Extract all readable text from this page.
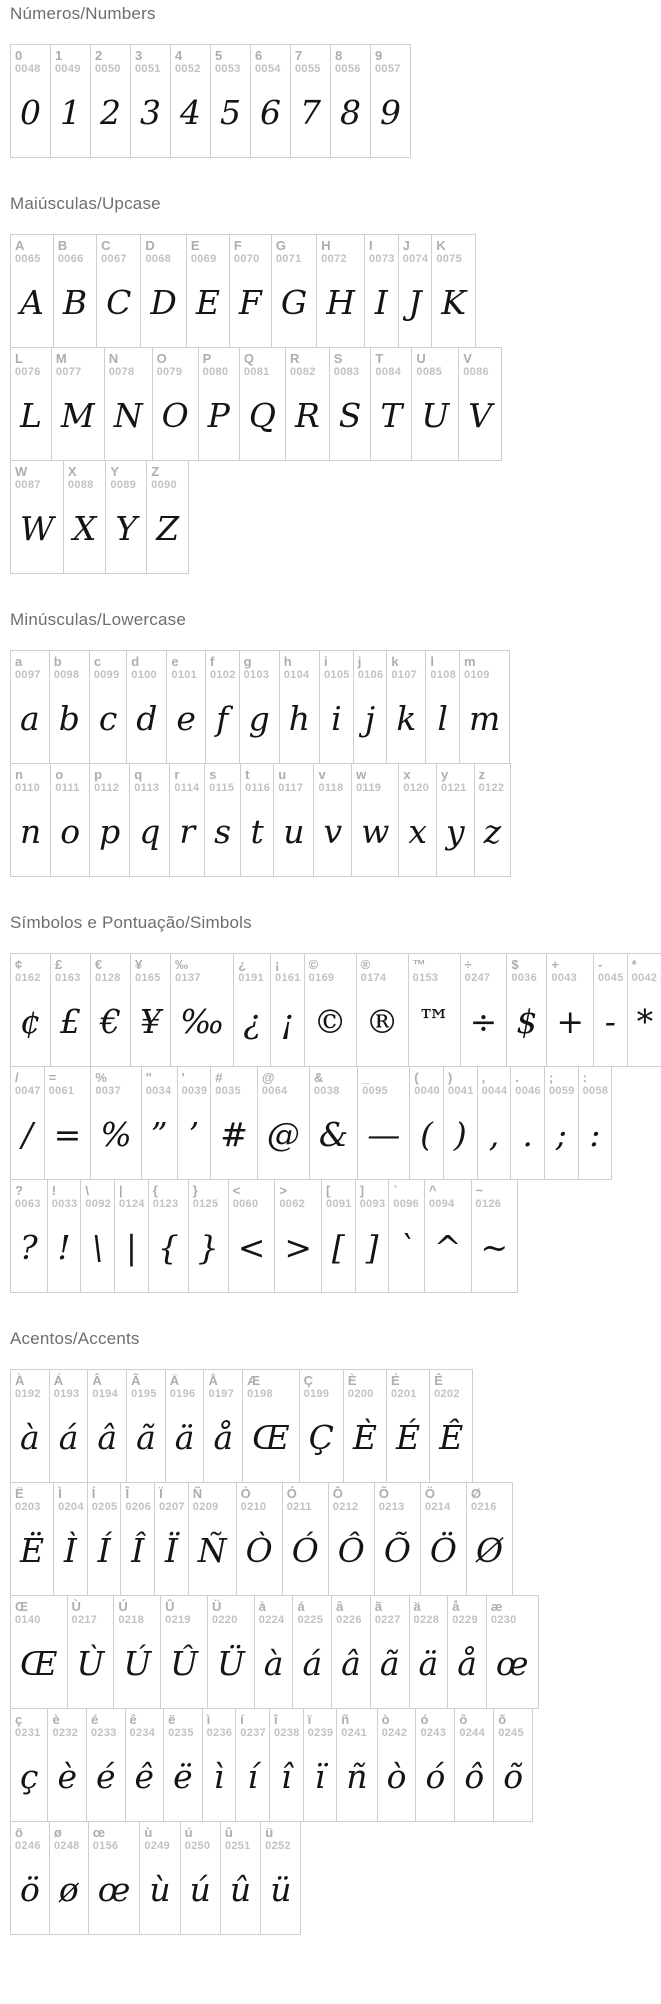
Números/Numbers
0
0048
0
1
0049
1
2
0050
2
3
0051
3
4
0052
4
5
0053
5
6
0054
6
7
0055
7
8
0056
8
9
0057
9
Maiúsculas/Upcase
A
0065
A
B
0066
B
C
0067
C
D
0068
D
E
0069
E
F
0070
F
G
0071
G
H
0072
H
I
0073
I
J
0074
J
K
0075
K
L
0076
L
M
0077
M
N
0078
N
O
0079
O
P
0080
P
Q
0081
Q
R
0082
R
S
0083
S
T
0084
T
U
0085
U
V
0086
V
W
0087
W
X
0088
X
Y
0089
Y
Z
0090
Z
Minúsculas/Lowercase
a
0097
a
b
0098
b
c
0099
c
d
0100
d
e
0101
e
f
0102
f
g
0103
g
h
0104
h
i
0105
i
j
0106
j
k
0107
k
l
0108
l
m
0109
m
n
0110
n
o
0111
o
p
0112
p
q
0113
q
r
0114
r
s
0115
s
t
0116
t
u
0117
u
v
0118
v
w
0119
w
x
0120
x
y
0121
y
z
0122
z
Símbolos e Pontuação/Simbols
¢
0162
¢
£
0163
£
€
0128
€
¥
0165
¥
‰
0137
‰
¿
0191
¿
¡
0161
¡
©
0169
©
®
0174
®
™
0153
™
÷
0247
÷
$
0036
$
+
0043
+
-
0045
-
*
0042
*
/
0047
/
=
0061
=
%
0037
%
"
0034
”
'
0039
’
#
0035
#
@
0064
@
&
0038
&
_
0095
—
(
0040
(
)
0041
)
,
0044
,
.
0046
.
;
0059
;
:
0058
:
?
0063
?
!
0033
!
\
0092
\
|
0124
|
{
0123
{
}
0125
}
<
0060
<
>
0062
>
[
0091
[
]
0093
]
`
0096
`
^
0094
^
~
0126
~
Acentos/Accents
À
0192
à
Á
0193
á
Â
0194
â
Ã
0195
ã
Ä
0196
ä
Å
0197
å
Æ
0198
Œ
Ç
0199
Ç
È
0200
È
É
0201
É
Ê
0202
Ê
Ë
0203
Ë
Ì
0204
Ì
Í
0205
Í
Î
0206
Î
Ï
0207
Ï
Ñ
0209
Ñ
Ò
0210
Ò
Ó
0211
Ó
Ô
0212
Ô
Õ
0213
Õ
Ö
0214
Ö
Ø
0216
Ø
Œ
0140
Œ
Ù
0217
Ù
Ú
0218
Ú
Û
0219
Û
Ü
0220
Ü
à
0224
à
á
0225
á
â
0226
â
ã
0227
ã
ä
0228
ä
å
0229
å
æ
0230
œ
ç
0231
ç
è
0232
è
é
0233
é
ê
0234
ê
ë
0235
ë
ì
0236
ì
í
0237
í
î
0238
î
ï
0239
ï
ñ
0241
ñ
ò
0242
ò
ó
0243
ó
ô
0244
ô
õ
0245
õ
ö
0246
ö
ø
0248
ø
œ
0156
œ
ù
0249
ù
ú
0250
ú
û
0251
û
ü
0252
ü
